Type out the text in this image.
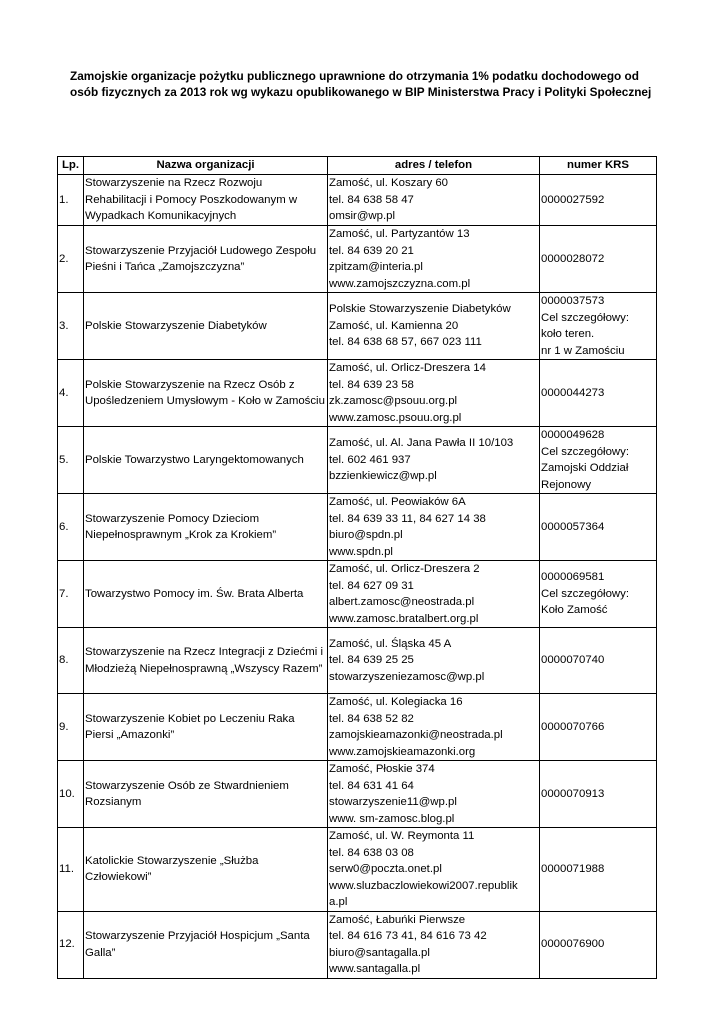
Zamojskie organizacje pożytku publicznego uprawnione do otrzymania 1% podatku dochodowego od osób fizycznych za 2013 rok wg wykazu opublikowanego w BIP Ministerstwa Pracy i Polityki Społecznej
Lp.	Nazwa organizacji	adres / telefon	numer KRS
1.	Stowarzyszenie na Rzecz Rozwoju Rehabilitacji i Pomocy Poszkodowanym w Wypadkach Komunikacyjnych	Zamość, ul. Koszary 60
tel. 84 638 58 47
omsir@wp.pl	0000027592

2.	Stowarzyszenie Przyjaciół Ludowego Zespołu Pieśni i Tańca „Zamojszczyzna”	Zamość, ul. Partyzantów 13
tel. 84 639 20 21
zpitzam@interia.pl
www.zamojszczyzna.com.pl	0000028072

3.	Polskie Stowarzyszenie Diabetyków	Polskie Stowarzyszenie Diabetyków
Zamość, ul. Kamienna 20
tel. 84 638 68 57, 667 023 111	0000037573
Cel szczegółowy:
koło teren.
nr 1 w Zamościu

4.	Polskie Stowarzyszenie na Rzecz Osób z Upośledzeniem Umysłowym - Koło w Zamościu	Zamość, ul. Orlicz-Dreszera 14
tel. 84 639 23 58
zk.zamosc@psouu.org.pl
www.zamosc.psouu.org.pl	0000044273

5.	Polskie Towarzystwo Laryngektomowanych	Zamość, ul. Al. Jana Pawła II 10/103
tel. 602 461 937
bzzienkiewicz@wp.pl	0000049628
Cel szczegółowy:
Zamojski Oddział
Rejonowy

6.	Stowarzyszenie Pomocy Dzieciom Niepełnosprawnym „Krok za Krokiem”	Zamość, ul. Peowiaków 6A
tel. 84 639 33 11, 84 627 14 38
biuro@spdn.pl
www.spdn.pl	0000057364

7.	Towarzystwo Pomocy im. Św. Brata Alberta	Zamość, ul. Orlicz-Dreszera 2
tel. 84 627 09 31
albert.zamosc@neostrada.pl
www.zamosc.bratalbert.org.pl	0000069581
Cel szczegółowy:
Koło Zamość

8.	Stowarzyszenie na Rzecz Integracji z Dziećmi i Młodzieżą Niepełnosprawną „Wszyscy Razem”	Zamość, ul. Śląska 45 A
tel. 84 639 25 25
stowarzyszeniezamosc@wp.pl	0000070740

9.	Stowarzyszenie Kobiet po Leczeniu Raka Piersi „Amazonki”	Zamość, ul. Kolegiacka 16
tel. 84 638 52 82
zamojskieamazonki@neostrada.pl
www.zamojskieamazonki.org	0000070766

10.	Stowarzyszenie Osób ze Stwardnieniem Rozsianym	Zamość, Płoskie 374
tel. 84 631 41 64
stowarzyszenie11@wp.pl
www. sm-zamosc.blog.pl	0000070913

11.	Katolickie Stowarzyszenie „Służba Człowiekowi”	Zamość, ul. W. Reymonta 11
tel. 84 638 03 08
serw0@poczta.onet.pl
www.sluzbaczlowiekowi2007.republik
a.pl	0000071988

12.	Stowarzyszenie Przyjaciół Hospicjum „Santa Galla”	Zamość, Łabuńki Pierwsze
tel. 84 616 73 41, 84 616 73 42
biuro@santagalla.pl
www.santagalla.pl	0000076900
